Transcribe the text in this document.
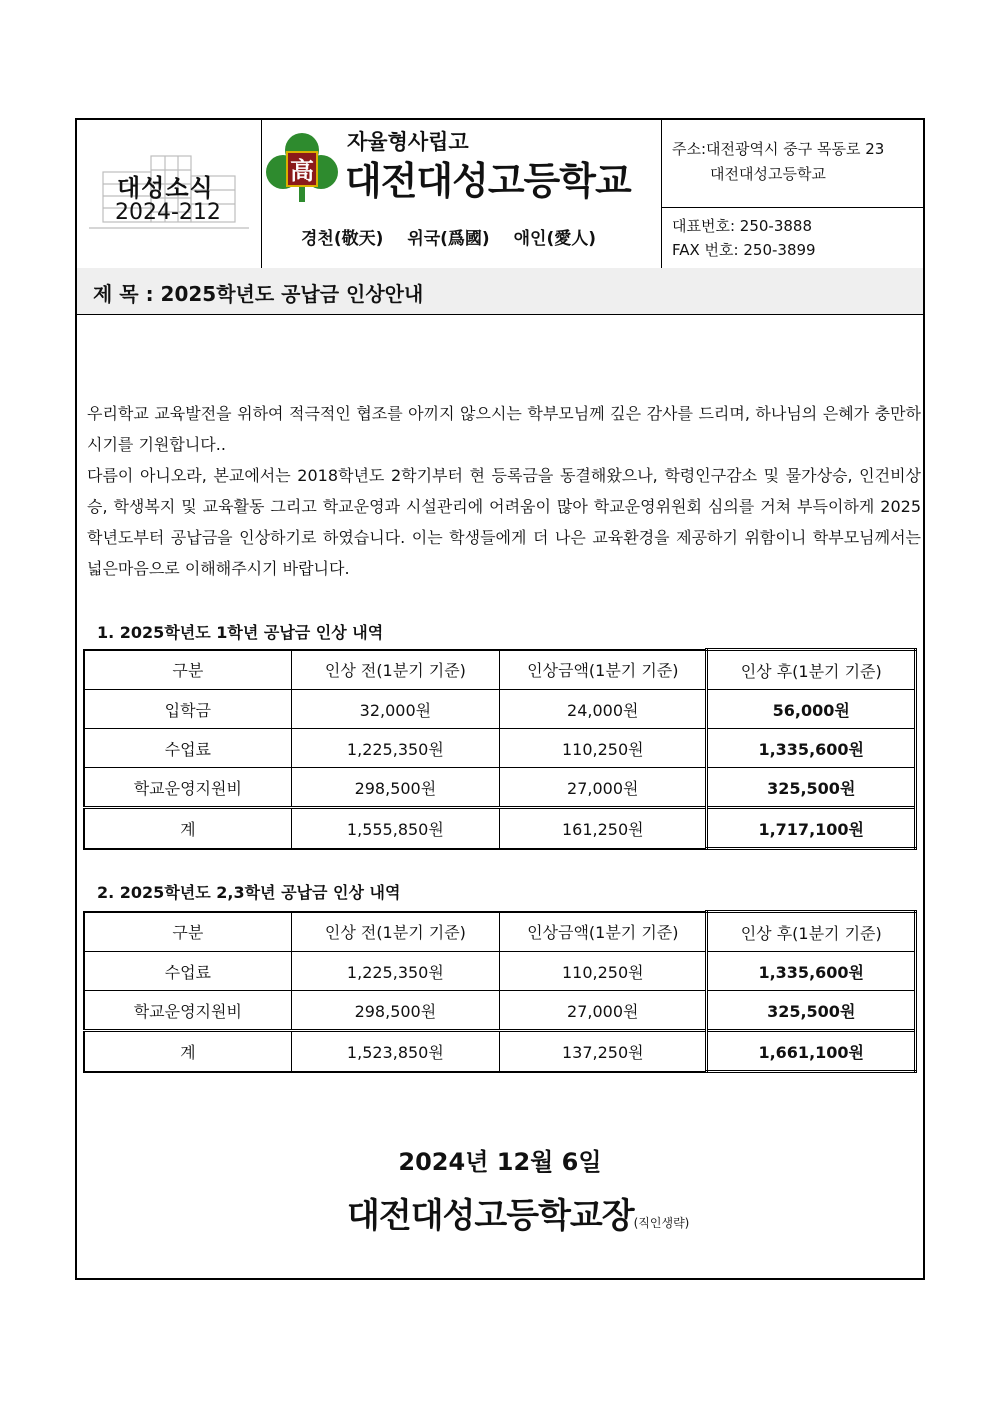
대성소식
2024-212
高
자율형사립고
대전대성고등학교
경천(敬天) 위국(爲國) 애인(愛人)
주소:대전광역시 중구 목동로 23
대전대성고등학교
대표번호: 250-3888
FAX 번호: 250-3899
제 목 : 2025학년도 공납금 인상안내
우리학교 교육발전을 위하여 적극적인 협조를 아끼지 않으시는 학부모님께 깊은 감사를 드리며, 하나님의 은혜가 충만하시기를 기원합니다..
다름이 아니오라, 본교에서는 2018학년도 2학기부터 현 등록금을 동결해왔으나, 학령인구감소 및 물가상승, 인건비상승, 학생복지 및 교육활동 그리고 학교운영과 시설관리에 어려움이 많아 학교운영위원회 심의를 거쳐 부득이하게 2025학년도부터 공납금을 인상하기로 하였습니다. 이는 학생들에게 더 나은 교육환경을 제공하기 위함이니 학부모님께서는 넓은마음으로 이해해주시기 바랍니다.
1. 2025학년도 1학년 공납금 인상 내역
구분	인상 전(1분기 기준)	인상금액(1분기 기준)	인상 후(1분기 기준)
입학금	32,000원	24,000원	56,000원
수업료	1,225,350원	110,250원	1,335,600원
학교운영지원비	298,500원	27,000원	325,500원
계	1,555,850원	161,250원	1,717,100원
2. 2025학년도 2,3학년 공납금 인상 내역
구분	인상 전(1분기 기준)	인상금액(1분기 기준)	인상 후(1분기 기준)
수업료	1,225,350원	110,250원	1,335,600원
학교운영지원비	298,500원	27,000원	325,500원
계	1,523,850원	137,250원	1,661,100원
2024년 12월 6일
대전대성고등학교장(직인생략)
